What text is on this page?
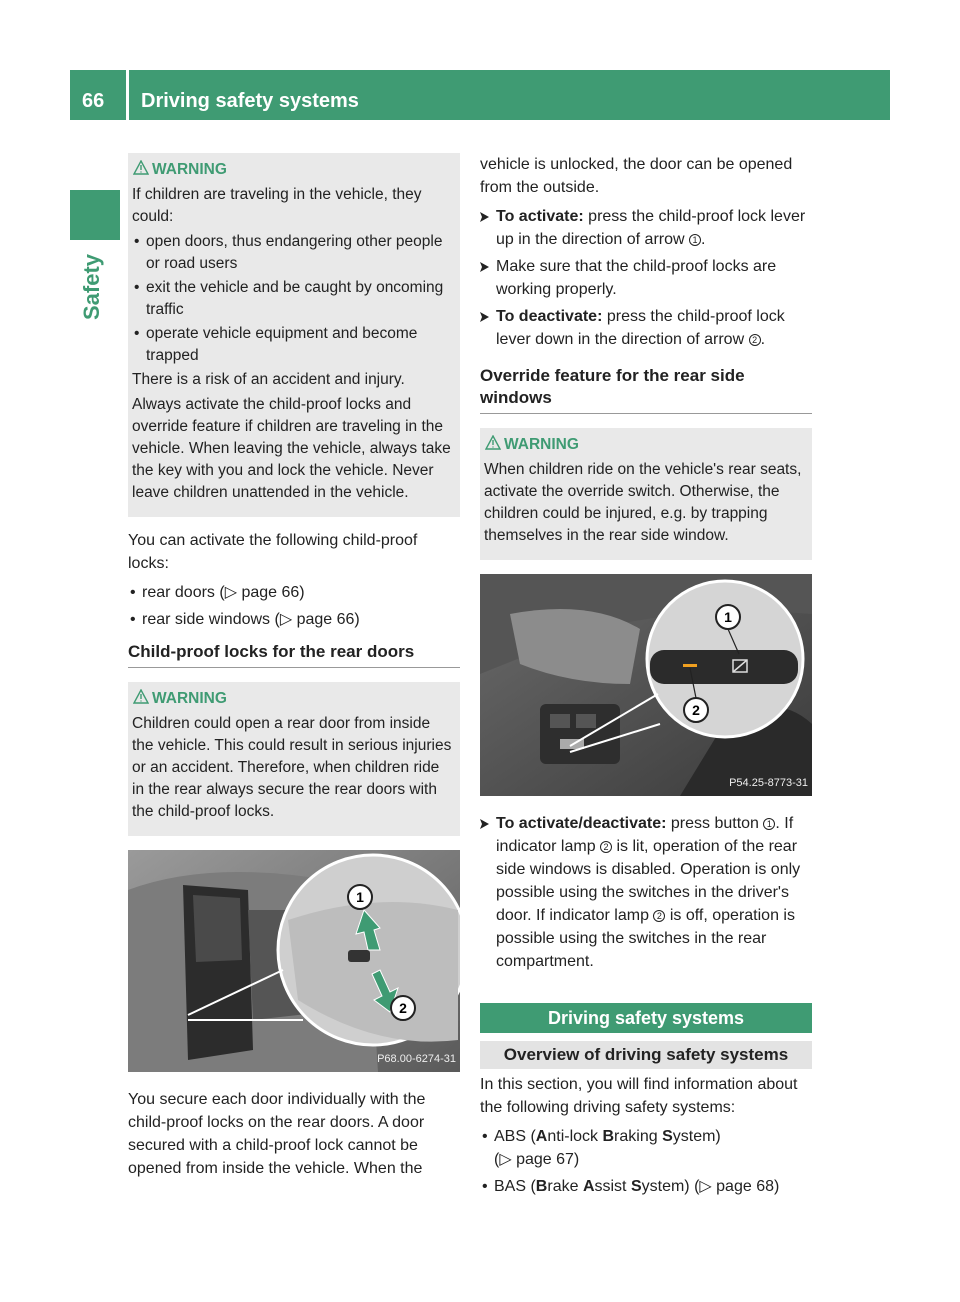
66 Driving safety systems
Safety
WARNING

If children are traveling in the vehicle, they could:

• open doors, thus endangering other people or road users
• exit the vehicle and be caught by oncoming traffic
• operate vehicle equipment and become trapped

There is a risk of an accident and injury.

Always activate the child-proof locks and override feature if children are traveling in the vehicle. When leaving the vehicle, always take the key with you and lock the vehicle. Never leave children unattended in the vehicle.

You can activate the following child-proof locks:

• rear doors (▷ page 66)
• rear side windows (▷ page 66)
Child-proof locks for the rear doors
WARNING

Children could open a rear door from inside the vehicle. This could result in serious injuries or an accident. Therefore, when children ride in the rear always secure the rear doors with the child-proof locks.

1
2
P68.00-6274-31

You secure each door individually with the child-proof locks on the rear doors. A door secured with a child-proof lock cannot be opened from inside the vehicle. When the

vehicle is unlocked, the door can be opened from the outside.

To activate: press the child-proof lock lever up in the direction of arrow 1 .
Make sure that the child-proof locks are working properly.
To deactivate: press the child-proof lock lever down in the direction of arrow 2 .
Override feature for the rear side windows
WARNING

When children ride on the vehicle's rear seats, activate the override switch. Otherwise, the children could be injured, e.g. by trapping themselves in the rear side window.

1
2
P54.25-8773-31
To activate/deactivate: press button 1 . If indicator lamp 2 is lit, operation of the rear side windows is disabled. Operation is only possible using the switches in the driver's door. If indicator lamp 2 is off, operation is possible using the switches in the rear compartment.
Driving safety systems
Overview of driving safety systems

In this section, you will find information about the following driving safety systems:

• ABS (Anti-lock Braking System)
(▷ page 67)
• BAS (Brake Assist System) (▷ page 68)
